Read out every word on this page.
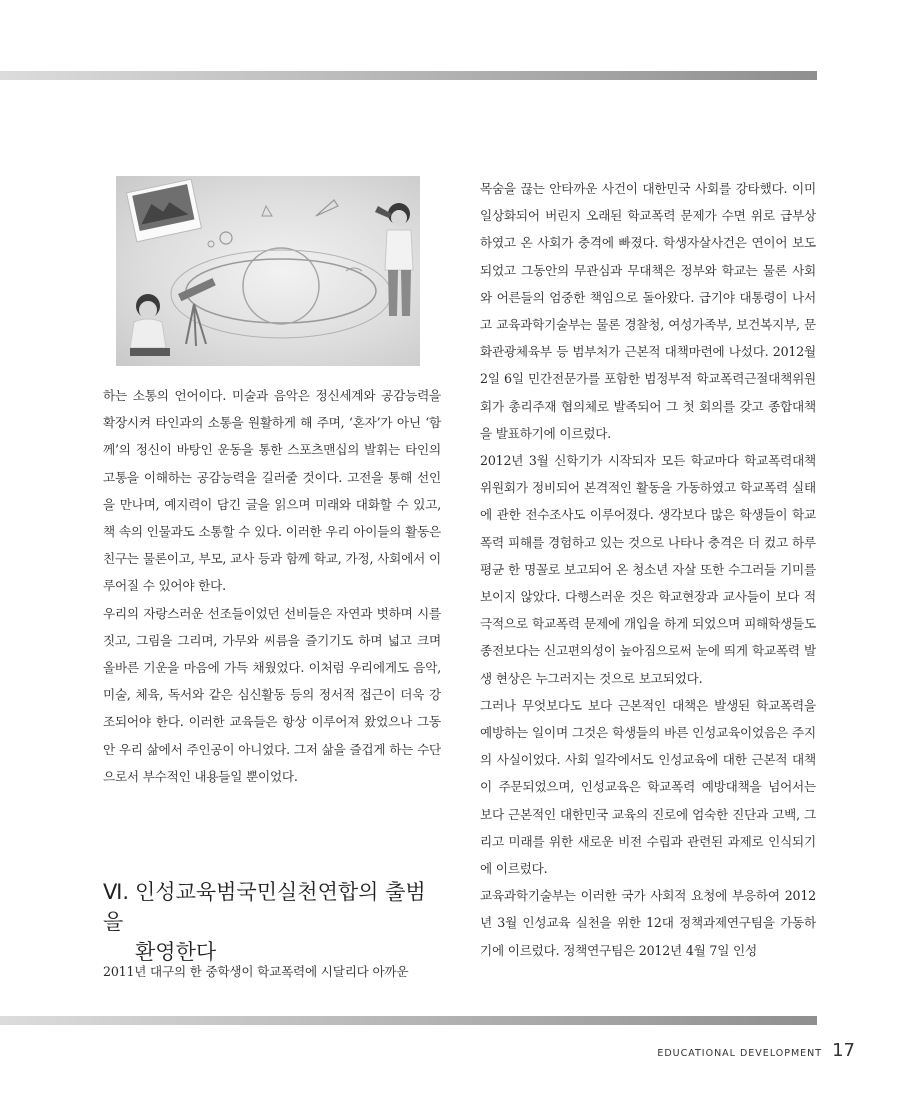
하는 소통의 언어이다. 미술과 음악은 정신세계와 공감능력을 확장시켜 타인과의 소통을 원활하게 해 주며, ‘혼자’가 아닌 ‘함께’의 정신이 바탕인 운동을 통한 스포츠맨십의 발휘는 타인의 고통을 이해하는 공감능력을 길러줄 것이다. 고전을 통해 선인을 만나며, 예지력이 담긴 글을 읽으며 미래와 대화할 수 있고, 책 속의 인물과도 소통할 수 있다. 이러한 우리 아이들의 활동은 친구는 물론이고, 부모, 교사 등과 함께 학교, 가정, 사회에서 이루어질 수 있어야 한다.

우리의 자랑스러운 선조들이었던 선비들은 자연과 벗하며 시를 짓고, 그림을 그리며, 가무와 씨름을 즐기기도 하며 넓고 크며 올바른 기운을 마음에 가득 채웠었다. 이처럼 우리에게도 음악, 미술, 체육, 독서와 같은 심신활동 등의 정서적 접근이 더욱 강조되어야 한다. 이러한 교육들은 항상 이루어져 왔었으나 그동안 우리 삶에서 주인공이 아니었다. 그저 삶을 즐겁게 하는 수단으로서 부수적인 내용들일 뿐이었다.

Ⅵ. 인성교육범국민실천연합의 출범을
환영한다
2011년 대구의 한 중학생이 학교폭력에 시달리다 아까운

목숨을 끊는 안타까운 사건이 대한민국 사회를 강타했다. 이미 일상화되어 버린지 오래된 학교폭력 문제가 수면 위로 급부상하였고 온 사회가 충격에 빠졌다. 학생자살사건은 연이어 보도되었고 그동안의 무관심과 무대책은 정부와 학교는 물론 사회와 어른들의 엄중한 책임으로 돌아왔다. 급기야 대통령이 나서고 교육과학기술부는 물론 경찰청, 여성가족부, 보건복지부, 문화관광체육부 등 범부처가 근본적 대책마련에 나섰다. 2012월 2일 6일 민간전문가를 포함한 범정부적 학교폭력근절대책위원회가 총리주재 협의체로 발족되어 그 첫 회의를 갖고 종합대책을 발표하기에 이르렀다.

2012년 3월 신학기가 시작되자 모든 학교마다 학교폭력대책위원회가 정비되어 본격적인 활동을 가동하였고 학교폭력 실태에 관한 전수조사도 이루어졌다. 생각보다 많은 학생들이 학교폭력 피해를 경험하고 있는 것으로 나타나 충격은 더 컸고 하루 평균 한 명꼴로 보고되어 온 청소년 자살 또한 수그러들 기미를 보이지 않았다. 다행스러운 것은 학교현장과 교사들이 보다 적극적으로 학교폭력 문제에 개입을 하게 되었으며 피해학생들도 종전보다는 신고편의성이 높아짐으로써 눈에 띄게 학교폭력 발생 현상은 누그러지는 것으로 보고되었다.

그러나 무엇보다도 보다 근본적인 대책은 발생된 학교폭력을 예방하는 일이며 그것은 학생들의 바른 인성교육이었음은 주지의 사실이었다. 사회 일각에서도 인성교육에 대한 근본적 대책이 주문되었으며, 인성교육은 학교폭력 예방대책을 넘어서는 보다 근본적인 대한민국 교육의 진로에 엄숙한 진단과 고백, 그리고 미래를 위한 새로운 비전 수립과 관련된 과제로 인식되기에 이르렀다.

교육과학기술부는 이러한 국가 사회적 요청에 부응하여 2012년 3월 인성교육 실천을 위한 12대 정책과제연구팀을 가동하기에 이르렀다. 정책연구팀은 2012년 4월 7일 인성

EDUCATIONAL DEVELOPMENT 17
